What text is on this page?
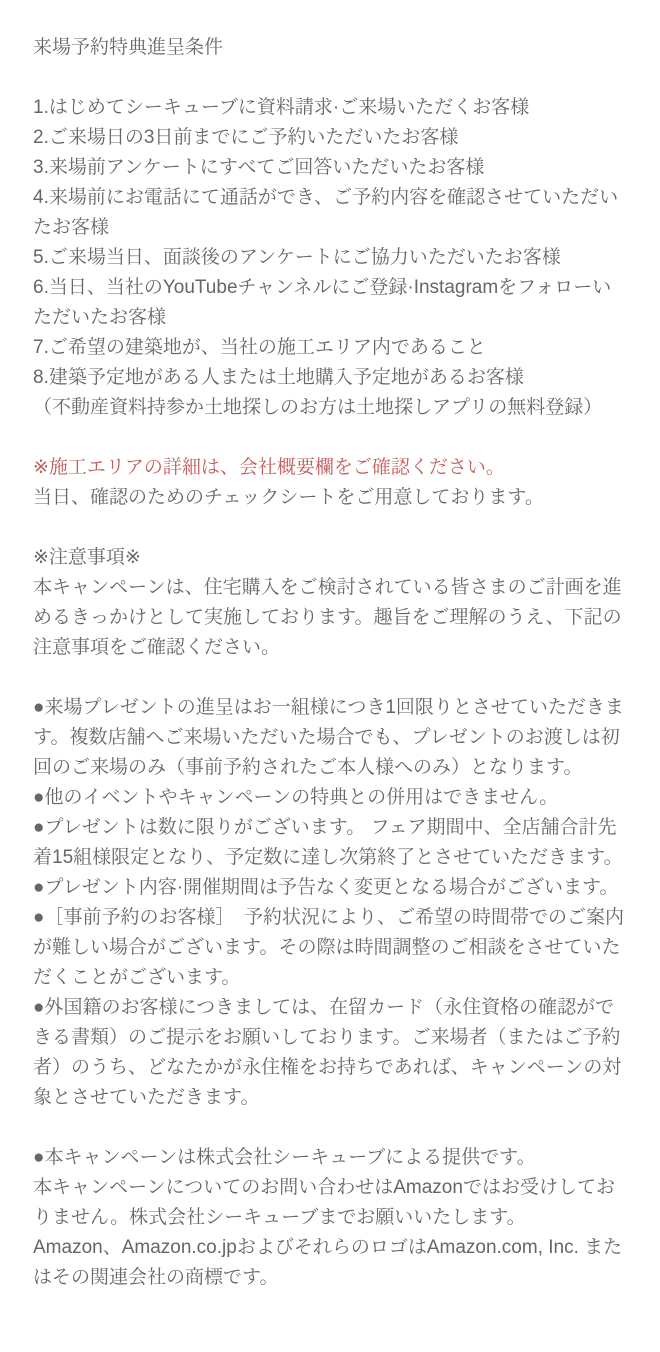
来場予約特典進呈条件

1.はじめてシーキューブに資料請求·ご来場いただくお客様

2.ご来場日の3日前までにご予約いただいたお客様

3.来場前アンケートにすべてご回答いただいたお客様

4.来場前にお電話にて通話ができ、ご予約内容を確認させていただいたお客様

5.ご来場当日、面談後のアンケートにご協力いただいたお客様

6.当日、当社のYouTubeチャンネルにご登録·Instagramをフォローいただいたお客様

7.ご希望の建築地が、当社の施工エリア内であること

8.建築予定地がある人または土地購入予定地があるお客様

（不動産資料持参か土地探しのお方は土地探しアプリの無料登録）

※施工エリアの詳細は、会社概要欄をご確認ください。

当日、確認のためのチェックシートをご用意しております。

※注意事項※

本キャンペーンは、住宅購入をご検討されている皆さまのご計画を進めるきっかけとして実施しております。趣旨をご理解のうえ、下記の注意事項をご確認ください。

●来場プレゼントの進呈はお一組様につき1回限りとさせていただきます。複数店舗へご来場いただいた場合でも、プレゼントのお渡しは初回のご来場のみ（事前予約されたご本人様へのみ）となります。

●他のイベントやキャンペーンの特典との併用はできません。

●プレゼントは数に限りがございます。 フェア期間中、全店舗合計先着15組様限定となり、予定数に達し次第終了とさせていただきます。

●プレゼント内容·開催期間は予告なく変更となる場合がございます。

●［事前予約のお客様］　予約状況により、ご希望の時間帯でのご案内が難しい場合がございます。その際は時間調整のご相談をさせていただくことがございます。

●外国籍のお客様につきましては、在留カード（永住資格の確認ができる書類）のご提示をお願いしております。ご来場者（またはご予約者）のうち、どなたかが永住権をお持ちであれば、キャンペーンの対象とさせていただきます。

●本キャンペーンは株式会社シーキューブによる提供です。

本キャンペーンについてのお問い合わせはAmazonではお受けしておりません。株式会社シーキューブまでお願いいたします。

Amazon、Amazon.co.jpおよびそれらのロゴはAmazon.com, Inc. またはその関連会社の商標です。
